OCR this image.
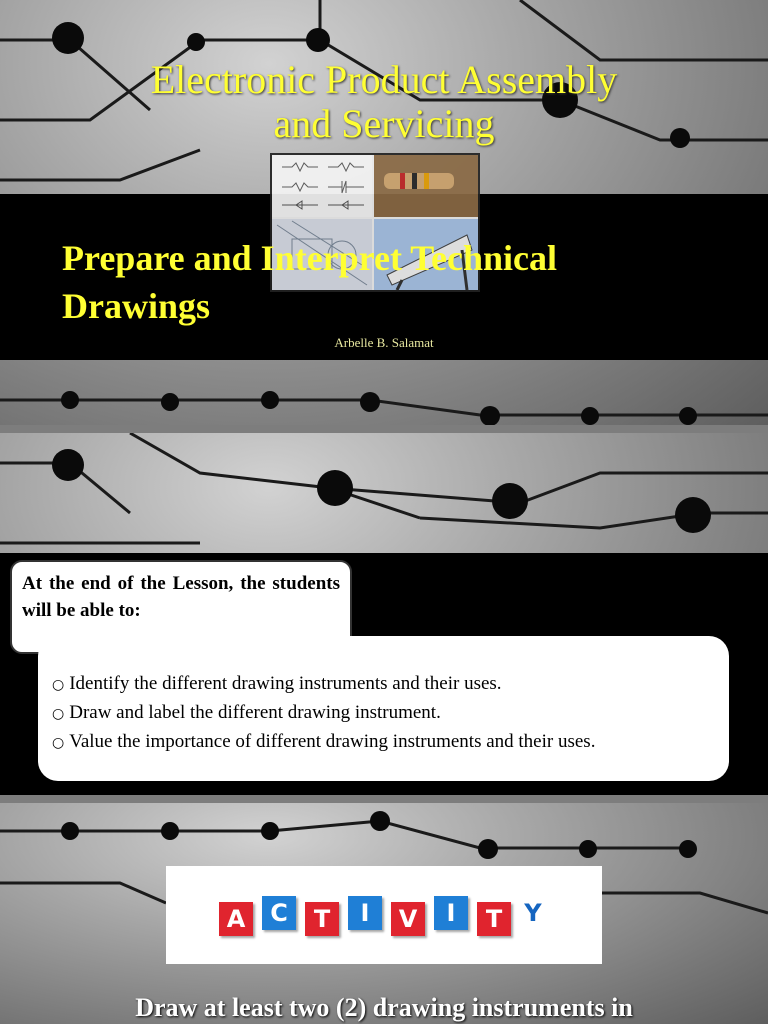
Electronic Product Assembly
and Servicing
Prepare and Interpret Technical
Drawings
Arbelle B. Salamat

At the end of the Lesson, the students will be able to:

○ Identify the different drawing instruments and their uses.
○ Draw and label the different drawing instrument.
○ Value the importance of different drawing instruments and their uses.
A	C	T	I	V	I	T Y

Draw at least two (2) drawing instruments in
